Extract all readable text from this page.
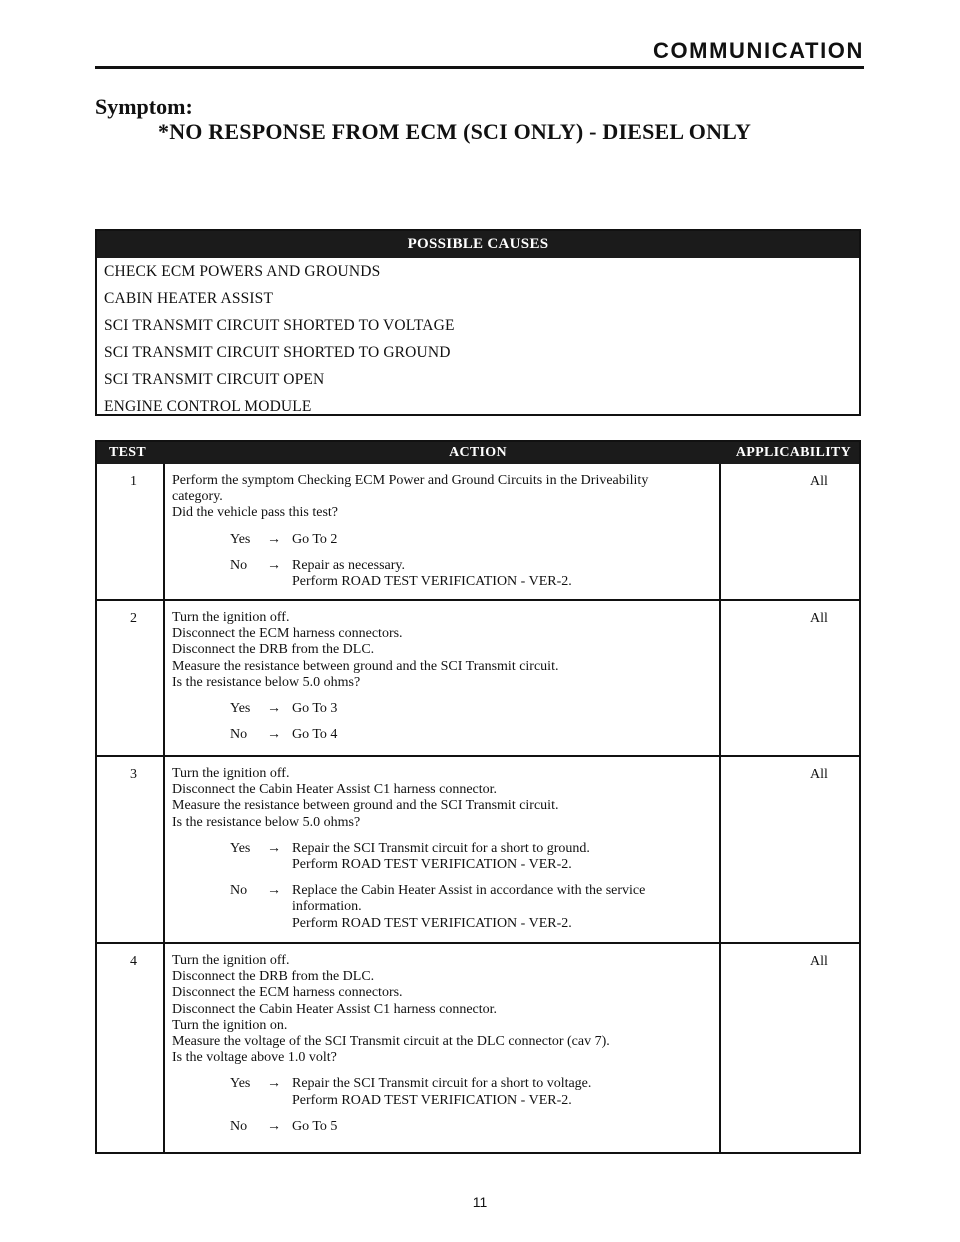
COMMUNICATION
Symptom:
*NO RESPONSE FROM ECM (SCI ONLY) - DIESEL ONLY
POSSIBLE CAUSES
CHECK ECM POWERS AND GROUNDS
CABIN HEATER ASSIST
SCI TRANSMIT CIRCUIT SHORTED TO VOLTAGE
SCI TRANSMIT CIRCUIT SHORTED TO GROUND
SCI TRANSMIT CIRCUIT OPEN
ENGINE CONTROL MODULE
TEST	ACTION	APPLICABILITY
1	Perform the symptom Checking ECM Power and Ground Circuits in the Driveability
category.
Did the vehicle pass this test?
Yes → Go To 2
No → Repair as necessary.
Perform ROAD TEST VERIFICATION - VER-2.
All
2	Turn the ignition off.
Disconnect the ECM harness connectors.
Disconnect the DRB from the DLC.
Measure the resistance between ground and the SCI Transmit circuit.
Is the resistance below 5.0 ohms?
Yes → Go To 3
No → Go To 4
All
3	Turn the ignition off.
Disconnect the Cabin Heater Assist C1 harness connector.
Measure the resistance between ground and the SCI Transmit circuit.
Is the resistance below 5.0 ohms?
Yes → Repair the SCI Transmit circuit for a short to ground.
Perform ROAD TEST VERIFICATION - VER-2.
No → Replace the Cabin Heater Assist in accordance with the service
information.
Perform ROAD TEST VERIFICATION - VER-2.
All
4	Turn the ignition off.
Disconnect the DRB from the DLC.
Disconnect the ECM harness connectors.
Disconnect the Cabin Heater Assist C1 harness connector.
Turn the ignition on.
Measure the voltage of the SCI Transmit circuit at the DLC connector (cav 7).
Is the voltage above 1.0 volt?
Yes → Repair the SCI Transmit circuit for a short to voltage.
Perform ROAD TEST VERIFICATION - VER-2.
No → Go To 5
All
11
